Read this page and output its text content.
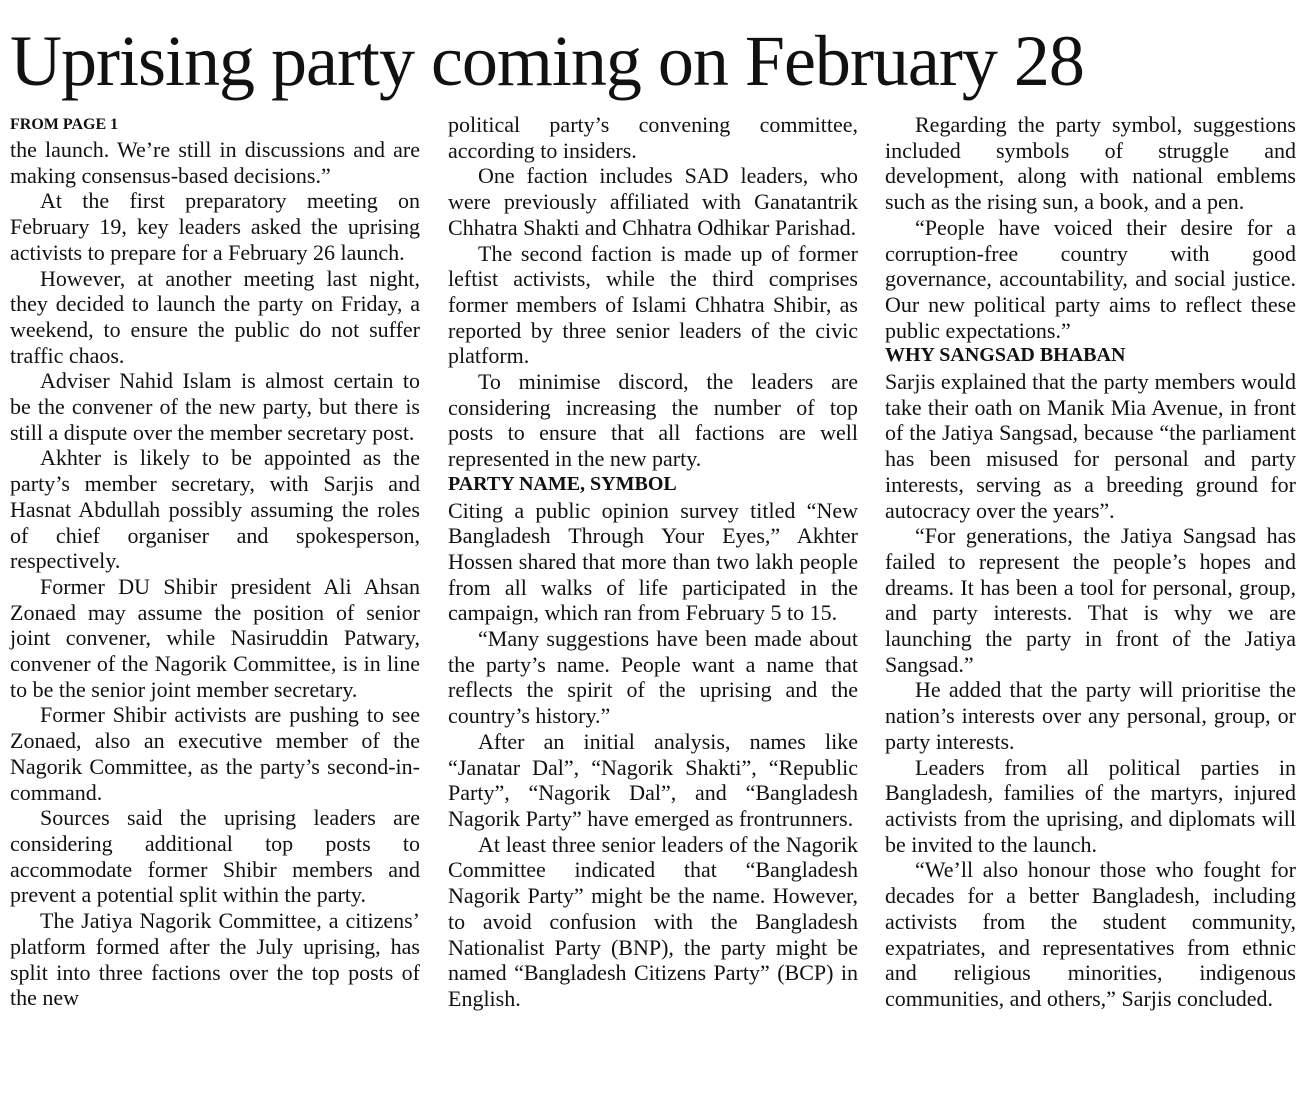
Uprising party coming on February 28
FROM PAGE 1

the launch. We’re still in discussions and are making consensus-based decisions.”

At the first preparatory meeting on February 19, key leaders asked the uprising activists to prepare for a February 26 launch.

However, at another meeting last night, they decided to launch the party on Friday, a weekend, to ensure the public do not suffer traffic chaos.

Adviser Nahid Islam is almost certain to be the convener of the new party, but there is still a dispute over the member secretary post.

Akhter is likely to be appointed as the party’s member secretary, with Sarjis and Hasnat Abdullah possibly assuming the roles of chief organiser and spokesperson, respectively.

Former DU Shibir president Ali Ahsan Zonaed may assume the position of senior joint convener, while Nasiruddin Patwary, convener of the Nagorik Committee, is in line to be the senior joint member secretary.

Former Shibir activists are pushing to see Zonaed, also an executive member of the Nagorik Committee, as the party’s second-in-command.

Sources said the uprising leaders are considering additional top posts to accommodate former Shibir members and prevent a potential split within the party.

The Jatiya Nagorik Committee, a citizens’ platform formed after the July uprising, has split into three factions over the top posts of the new

political party’s convening committee, according to insiders.

One faction includes SAD leaders, who were previously affiliated with Ganatantrik Chhatra Shakti and Chhatra Odhikar Parishad.

The second faction is made up of former leftist activists, while the third comprises former members of Islami Chhatra Shibir, as reported by three senior leaders of the civic platform.

To minimise discord, the leaders are considering increasing the number of top posts to ensure that all factions are well represented in the new party.

PARTY NAME, SYMBOL

Citing a public opinion survey titled “New Bangladesh Through Your Eyes,” Akhter Hossen shared that more than two lakh people from all walks of life participated in the campaign, which ran from February 5 to 15.

“Many suggestions have been made about the party’s name. People want a name that reflects the spirit of the uprising and the country’s history.”

After an initial analysis, names like “Janatar Dal”, “Nagorik Shakti”, “Republic Party”, “Nagorik Dal”, and “Bangladesh Nagorik Party” have emerged as frontrunners.

At least three senior leaders of the Nagorik Committee indicated that “Bangladesh Nagorik Party” might be the name. However, to avoid confusion with the Bangladesh Nationalist Party (BNP), the party might be named “Bangladesh Citizens Party” (BCP) in English.

Regarding the party symbol, suggestions included symbols of struggle and development, along with national emblems such as the rising sun, a book, and a pen.

“People have voiced their desire for a corruption-free country with good governance, accountability, and social justice. Our new political party aims to reflect these public expectations.”

WHY SANGSAD BHABAN

Sarjis explained that the party members would take their oath on Manik Mia Avenue, in front of the Jatiya Sangsad, because “the parliament has been misused for personal and party interests, serving as a breeding ground for autocracy over the years”.

“For generations, the Jatiya Sangsad has failed to represent the people’s hopes and dreams. It has been a tool for personal, group, and party interests. That is why we are launching the party in front of the Jatiya Sangsad.”

He added that the party will prioritise the nation’s interests over any personal, group, or party interests.

Leaders from all political parties in Bangladesh, families of the martyrs, injured activists from the uprising, and diplomats will be invited to the launch.

“We’ll also honour those who fought for decades for a better Bangladesh, including activists from the student community, expatriates, and representatives from ethnic and religious minorities, indigenous communities, and others,” Sarjis concluded.
